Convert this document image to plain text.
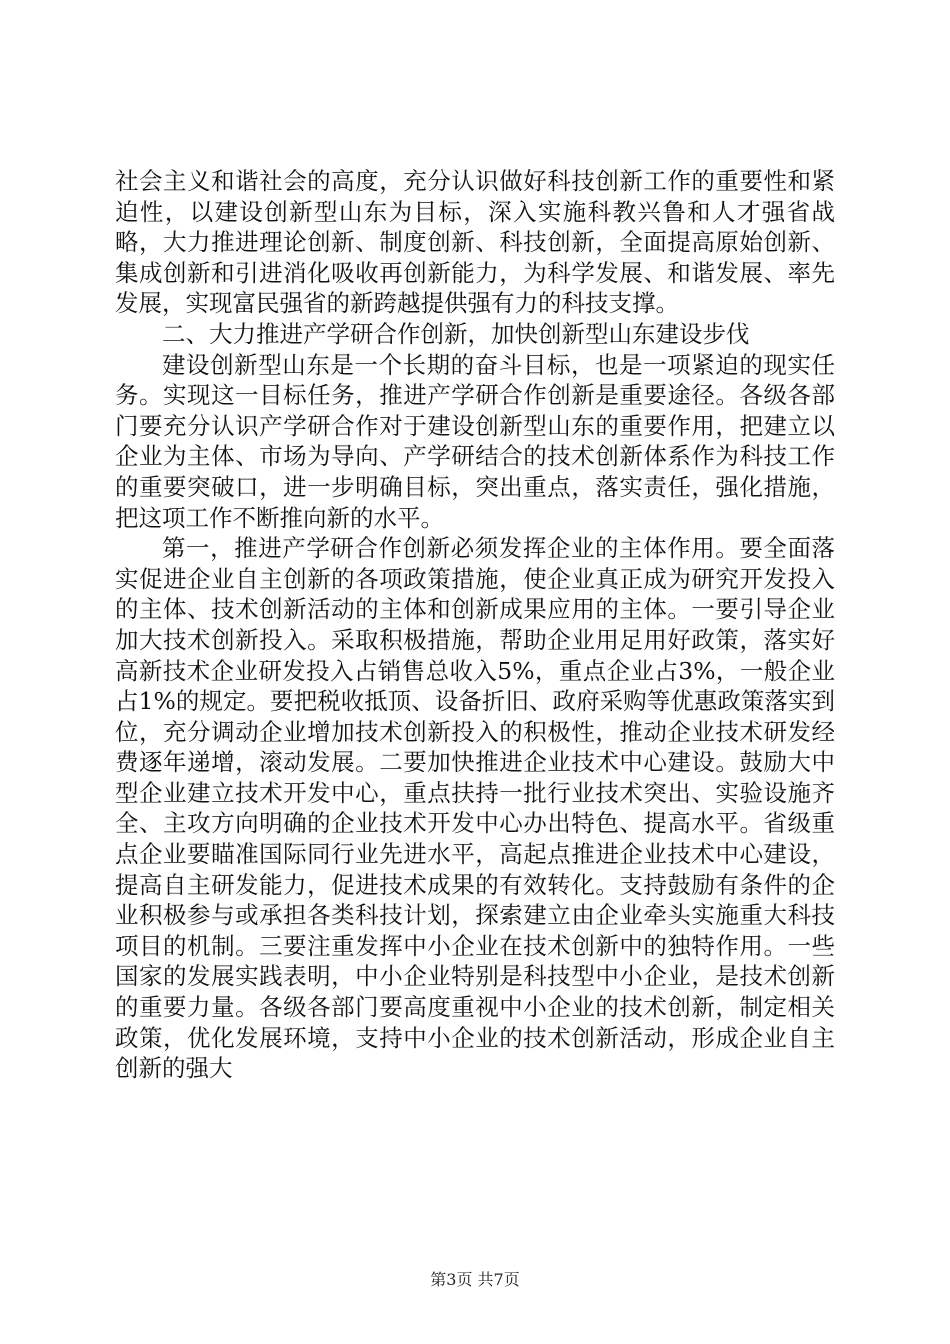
社会主义和谐社会的高度，充分认识做好科技创新工作的重要性和紧迫性，以建设创新型山东为目标，深入实施科教兴鲁和人才强省战略，大力推进理论创新、制度创新、科技创新，全面提高原始创新、集成创新和引进消化吸收再创新能力，为科学发展、和谐发展、率先发展，实现富民强省的新跨越提供强有力的科技支撑。

二、大力推进产学研合作创新，加快创新型山东建设步伐

建设创新型山东是一个长期的奋斗目标，也是一项紧迫的现实任务。实现这一目标任务，推进产学研合作创新是重要途径。各级各部门要充分认识产学研合作对于建设创新型山东的重要作用，把建立以企业为主体、市场为导向、产学研结合的技术创新体系作为科技工作的重要突破口，进一步明确目标，突出重点，落实责任，强化措施，把这项工作不断推向新的水平。

第一，推进产学研合作创新必须发挥企业的主体作用。要全面落实促进企业自主创新的各项政策措施，使企业真正成为研究开发投入的主体、技术创新活动的主体和创新成果应用的主体。一要引导企业加大技术创新投入。采取积极措施，帮助企业用足用好政策，落实好高新技术企业研发投入占销售总收入5%，重点企业占3%，一般企业占1%的规定。要把税收抵顶、设备折旧、政府采购等优惠政策落实到位，充分调动企业增加技术创新投入的积极性，推动企业技术研发经费逐年递增，滚动发展。二要加快推进企业技术中心建设。鼓励大中型企业建立技术开发中心，重点扶持一批行业技术突出、实验设施齐全、主攻方向明确的企业技术开发中心办出特色、提高水平。省级重点企业要瞄准国际同行业先进水平，高起点推进企业技术中心建设，提高自主研发能力，促进技术成果的有效转化。支持鼓励有条件的企业积极参与或承担各类科技计划，探索建立由企业牵头实施重大科技项目的机制。三要注重发挥中小企业在技术创新中的独特作用。一些国家的发展实践表明，中小企业特别是科技型中小企业，是技术创新的重要力量。各级各部门要高度重视中小企业的技术创新，制定相关政策，优化发展环境，支持中小企业的技术创新活动，形成企业自主创新的强大

第3页 共7页
